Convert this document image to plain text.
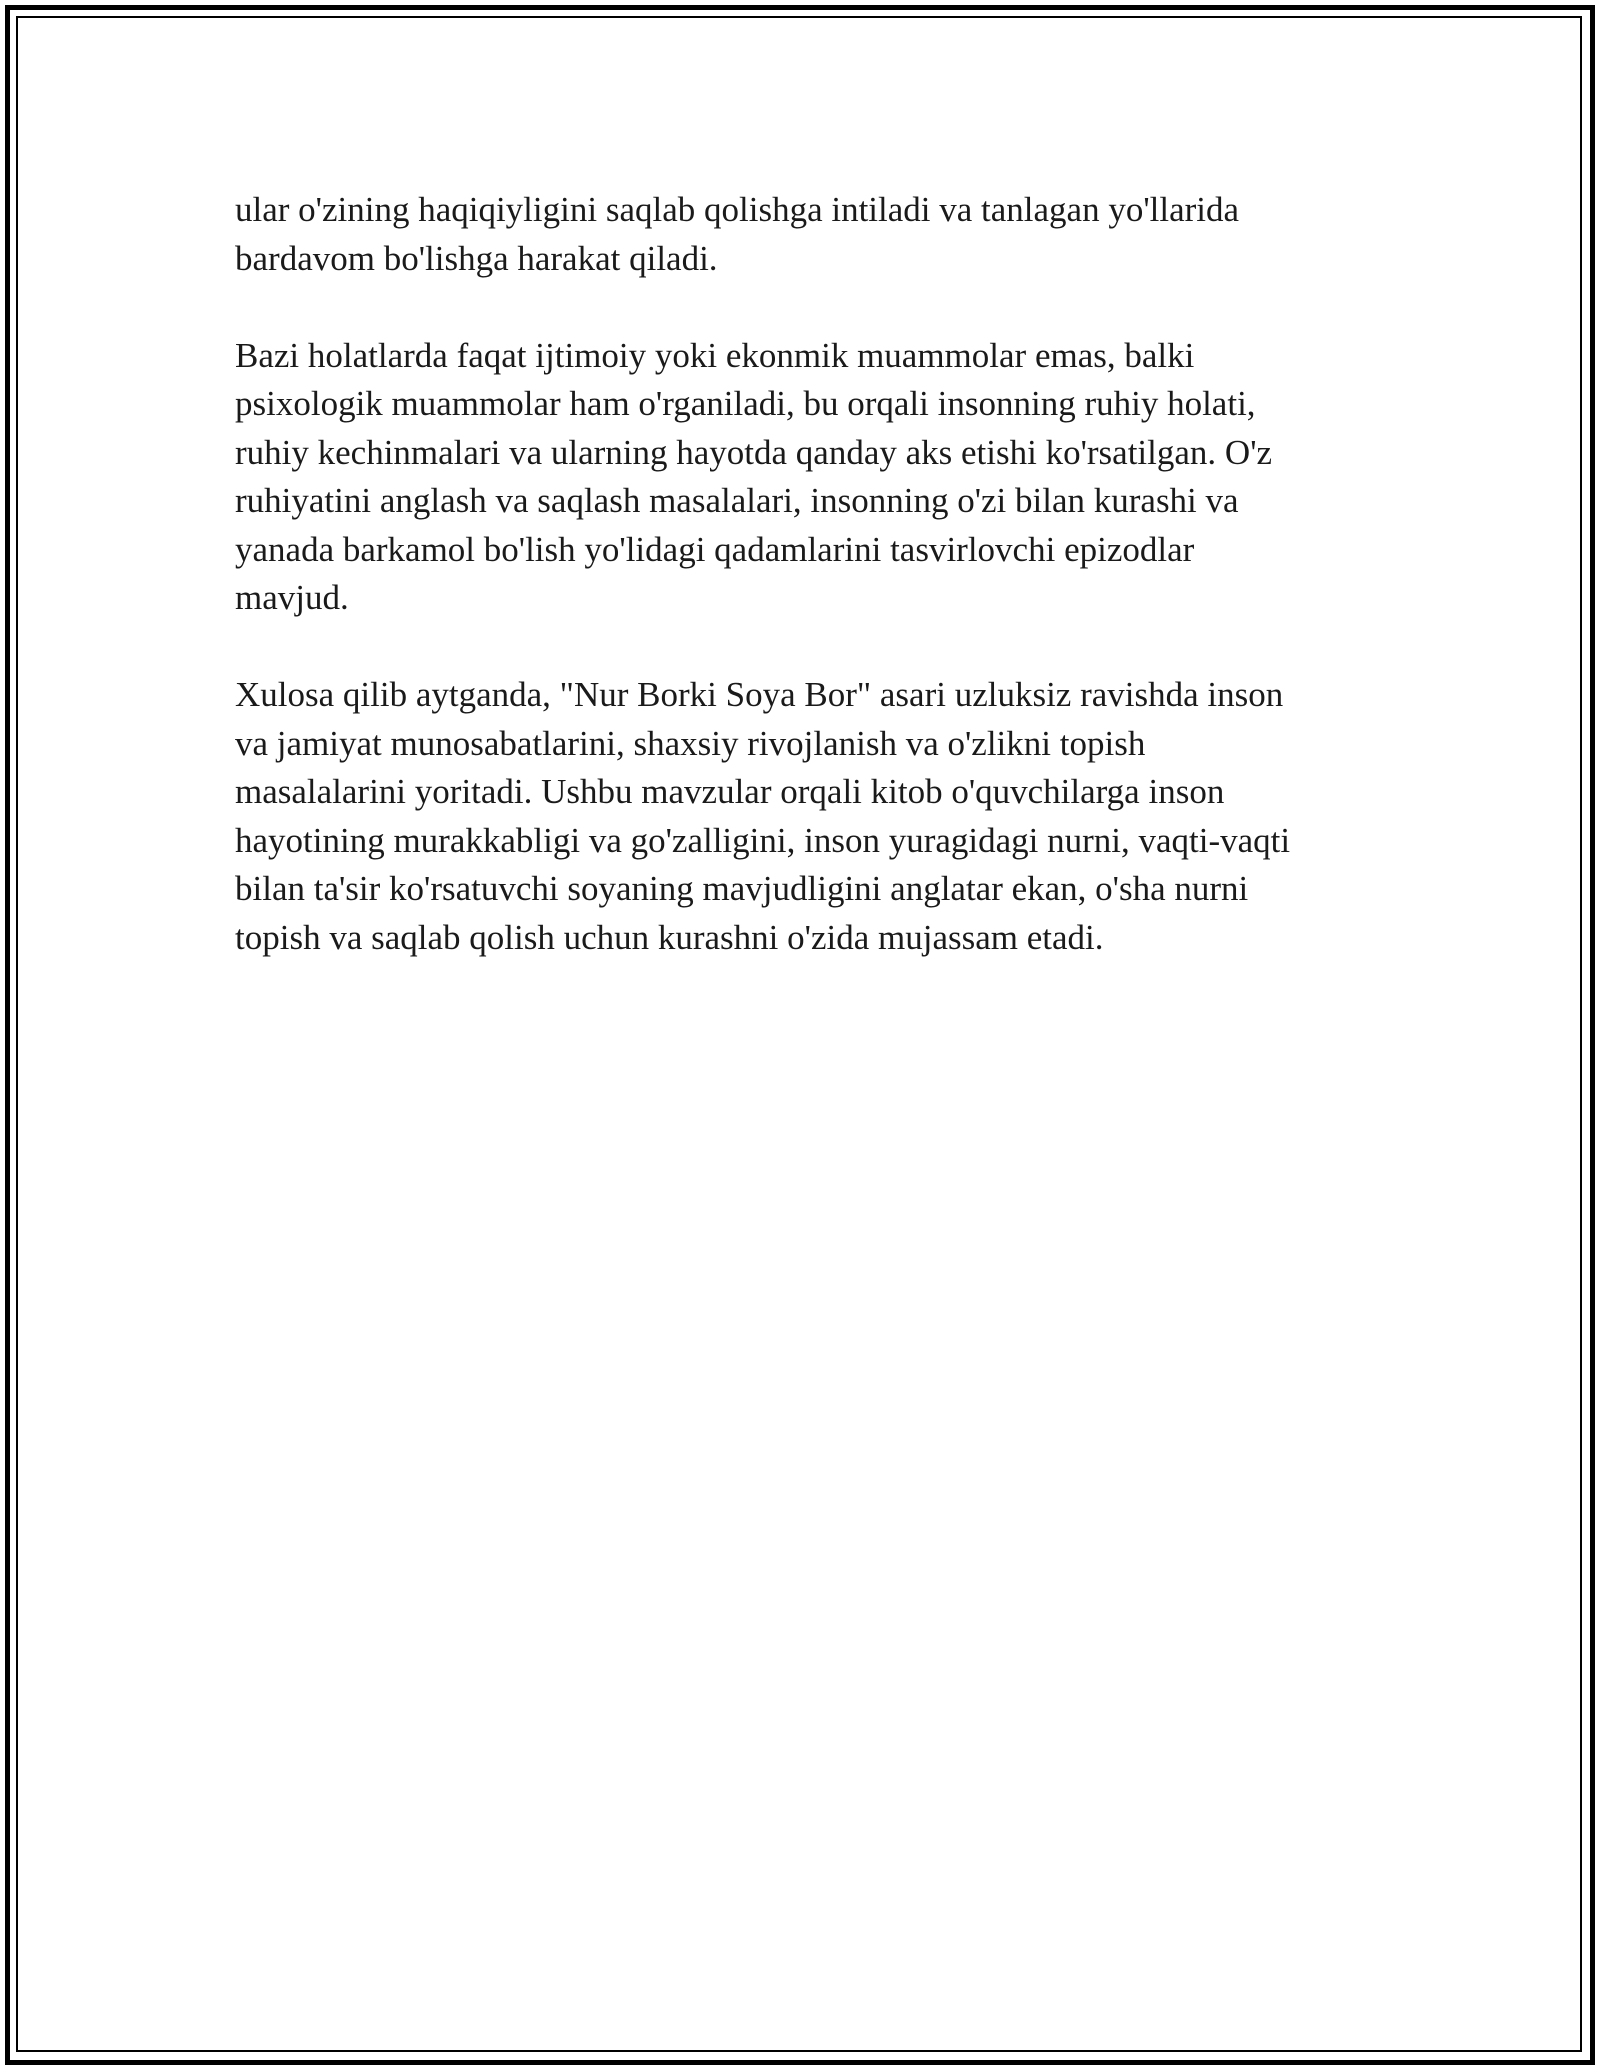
ular o'zining haqiqiyligini saqlab qolishga intiladi va tanlagan yo'llarida
bardavom bo'lishga harakat qiladi.

Bazi holatlarda faqat ijtimoiy yoki ekonmik muammolar emas, balki
psixologik muammolar ham o'rganiladi, bu orqali insonning ruhiy holati,
ruhiy kechinmalari va ularning hayotda qanday aks etishi ko'rsatilgan. O'z
ruhiyatini anglash va saqlash masalalari, insonning o'zi bilan kurashi va
yanada barkamol bo'lish yo'lidagi qadamlarini tasvirlovchi epizodlar
mavjud.

Xulosa qilib aytganda, "Nur Borki Soya Bor" asari uzluksiz ravishda inson
va jamiyat munosabatlarini, shaxsiy rivojlanish va o'zlikni topish
masalalarini yoritadi. Ushbu mavzular orqali kitob o'quvchilarga inson
hayotining murakkabligi va go'zalligini, inson yuragidagi nurni, vaqti-vaqti
bilan ta'sir ko'rsatuvchi soyaning mavjudligini anglatar ekan, o'sha nurni
topish va saqlab qolish uchun kurashni o'zida mujassam etadi.
